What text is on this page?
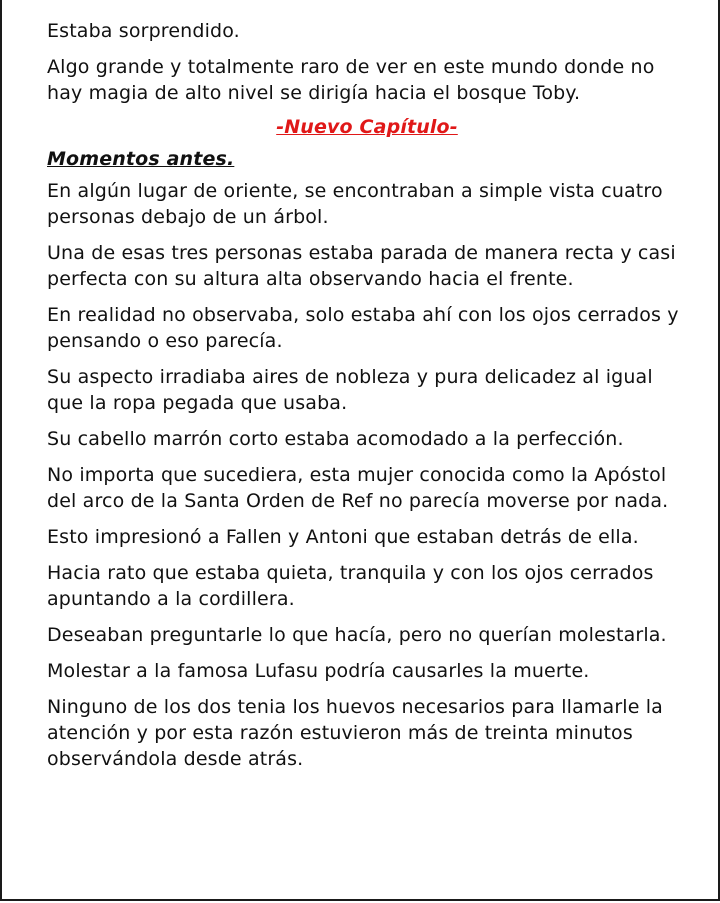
Estaba sorprendido.

Algo grande y totalmente raro de ver en este mundo donde no hay magia de alto nivel se dirigía hacia el bosque Toby.

-Nuevo Capítulo-

Momentos antes.

En algún lugar de oriente, se encontraban a simple vista cuatro personas debajo de un árbol.

Una de esas tres personas estaba parada de manera recta y casi perfecta con su altura alta observando hacia el frente.

En realidad no observaba, solo estaba ahí con los ojos cerrados y pensando o eso parecía.

Su aspecto irradiaba aires de nobleza y pura delicadez al igual que la ropa pegada que usaba.

Su cabello marrón corto estaba acomodado a la perfección.

No importa que sucediera, esta mujer conocida como la Apóstol del arco de la Santa Orden de Ref no parecía moverse por nada.

Esto impresionó a Fallen y Antoni que estaban detrás de ella.

Hacia rato que estaba quieta, tranquila y con los ojos cerrados apuntando a la cordillera.

Deseaban preguntarle lo que hacía, pero no querían molestarla.

Molestar a la famosa Lufasu podría causarles la muerte.

Ninguno de los dos tenia los huevos necesarios para llamarle la atención y por esta razón estuvieron más de treinta minutos observándola desde atrás.
